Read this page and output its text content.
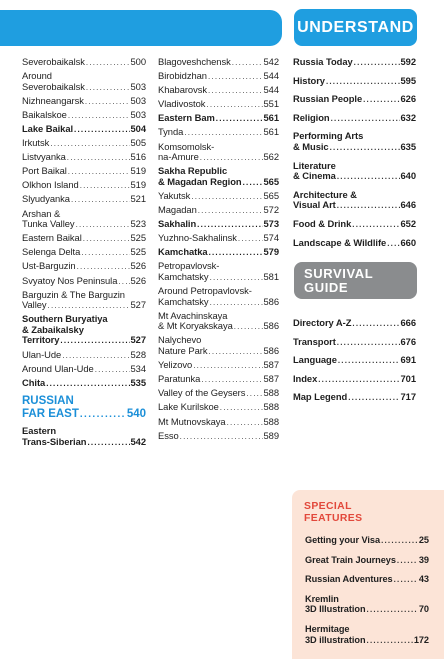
UNDERSTAND
SURVIVAL
GUIDE
Severobaikalsk .....	500
Around
Severobaikalsk .....	503
Nizhneangarsk .....	503
Baikalskoe .....	503
Lake Baikal .....	504
Irkutsk .....	505
Listvyanka .....	516
Port Baikal .....	519
Olkhon Island .....	519
Slyudyanka .....	521
Arshan &
Tunka Valley .....	523
Eastern Baikal .....	525
Selenga Delta .....	525
Ust-Barguzin .....	526
Svyatoy Nos Peninsula ..... 526
Barguzin & The Barguzin
Valley .....	527
Southern Buryatiya
& Zabaikalsky
Territory .....	527
Ulan-Ude .....	528
Around Ulan-Ude .....	534
Chita .....	535
RUSSIAN
FAR EAST .....	540
Eastern
Trans-Siberian .....	542
Blagoveshchensk .....	542
Birobidzhan .....	544
Khabarovsk .....	544
Vladivostok .....	551
Eastern Bam .....	561
Tynda .....	561
Komsomolsk-
na-Amure .....	562
Sakha Republic
& Magadan Region ..... 565
Yakutsk .....	565
Magadan .....	572
Sakhalin .....	573
Yuzhno-Sakhalinsk .....	574
Kamchatka .....	579
Petropavlovsk-
Kamchatsky .....	581
Around Petropavlovsk-
Kamchatsky .....	586
Mt Avachinskaya
& Mt Koryakskaya .....	586
Nalychevo
Nature Park .....	586
Yelizovo .....	587
Paratunka .....	587
Valley of the Geysers ..... 588
Lake Kurilskoe .....	588
Mt Mutnovskaya .....	588
Esso .....	589
Russia Today .....	592
History .....	595
Russian People .....	626
Religion .....	632
Performing Arts
& Music .....	635
Literature
& Cinema .....	640
Architecture &
Visual Art .....	646
Food & Drink .....	652
Landscape & Wildlife ..... 660
Directory A-Z .....	666
Transport .....	676
Language .....	691
Index .....	701
Map Legend .....	717
SPECIAL
FEATURES
Getting your Visa .....	25
Great Train Journeys ..... 39
Russian Adventures .....	43
Kremlin
3D Illustration .....	70
Hermitage
3D illustration .....	172
